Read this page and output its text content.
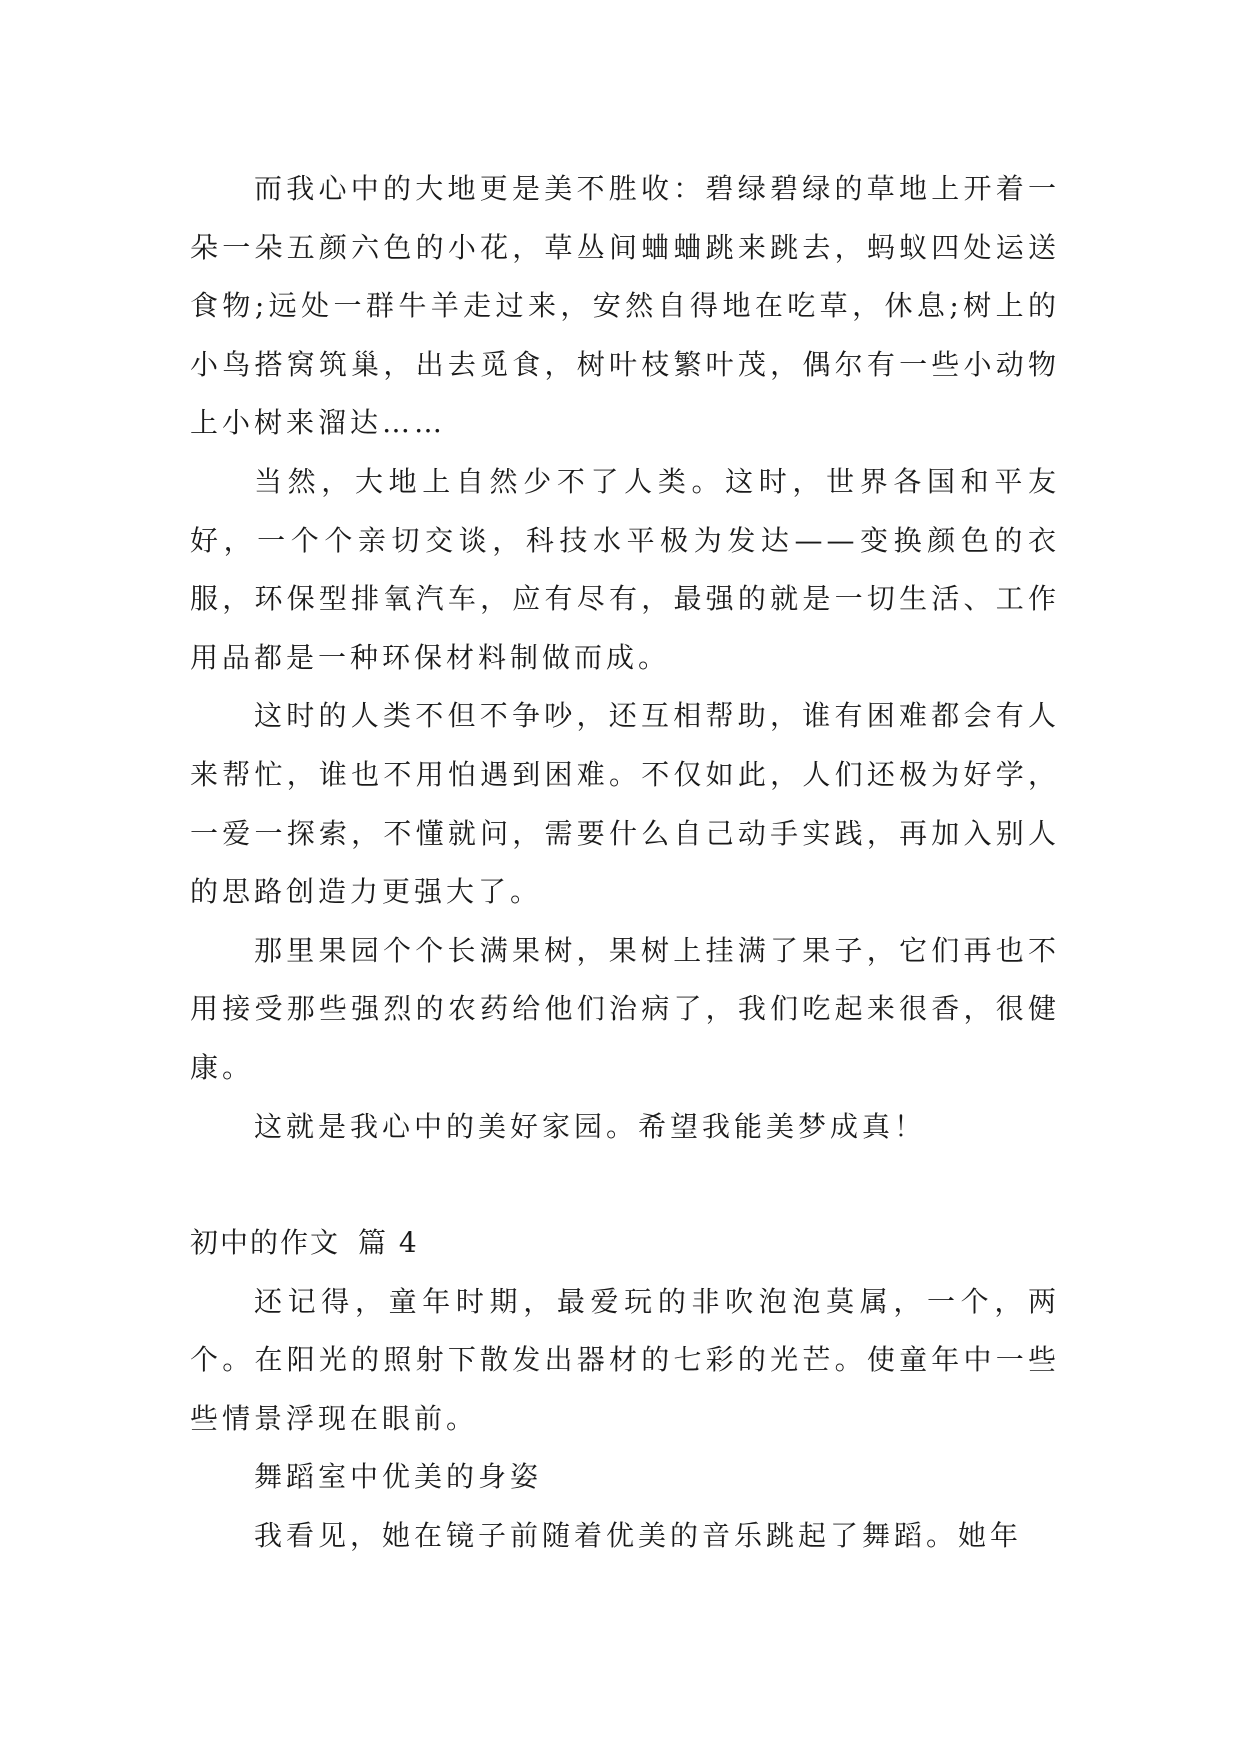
而我心中的大地更是美不胜收：碧绿碧绿的草地上开着一朵一朵五颜六色的小花，草丛间蛐蛐跳来跳去，蚂蚁四处运送食物;远处一群牛羊走过来，安然自得地在吃草，休息;树上的小鸟搭窝筑巢，出去觅食，树叶枝繁叶茂，偶尔有一些小动物上小树来溜达……

当然，大地上自然少不了人类。这时，世界各国和平友好，一个个亲切交谈，科技水平极为发达——变换颜色的衣服，环保型排氧汽车，应有尽有，最强的就是一切生活、工作用品都是一种环保材料制做而成。

这时的人类不但不争吵，还互相帮助，谁有困难都会有人来帮忙，谁也不用怕遇到困难。不仅如此，人们还极为好学，一爱一探索，不懂就问，需要什么自己动手实践，再加入别人的思路创造力更强大了。

那里果园个个长满果树，果树上挂满了果子，它们再也不用接受那些强烈的农药给他们治病了，我们吃起来很香，很健康。

这就是我心中的美好家园。希望我能美梦成真！

初中的作文 篇 4

还记得，童年时期，最爱玩的非吹泡泡莫属，一个，两个。在阳光的照射下散发出器材的七彩的光芒。使童年中一些些情景浮现在眼前。

舞蹈室中优美的身姿

我看见，她在镜子前随着优美的音乐跳起了舞蹈。她年
